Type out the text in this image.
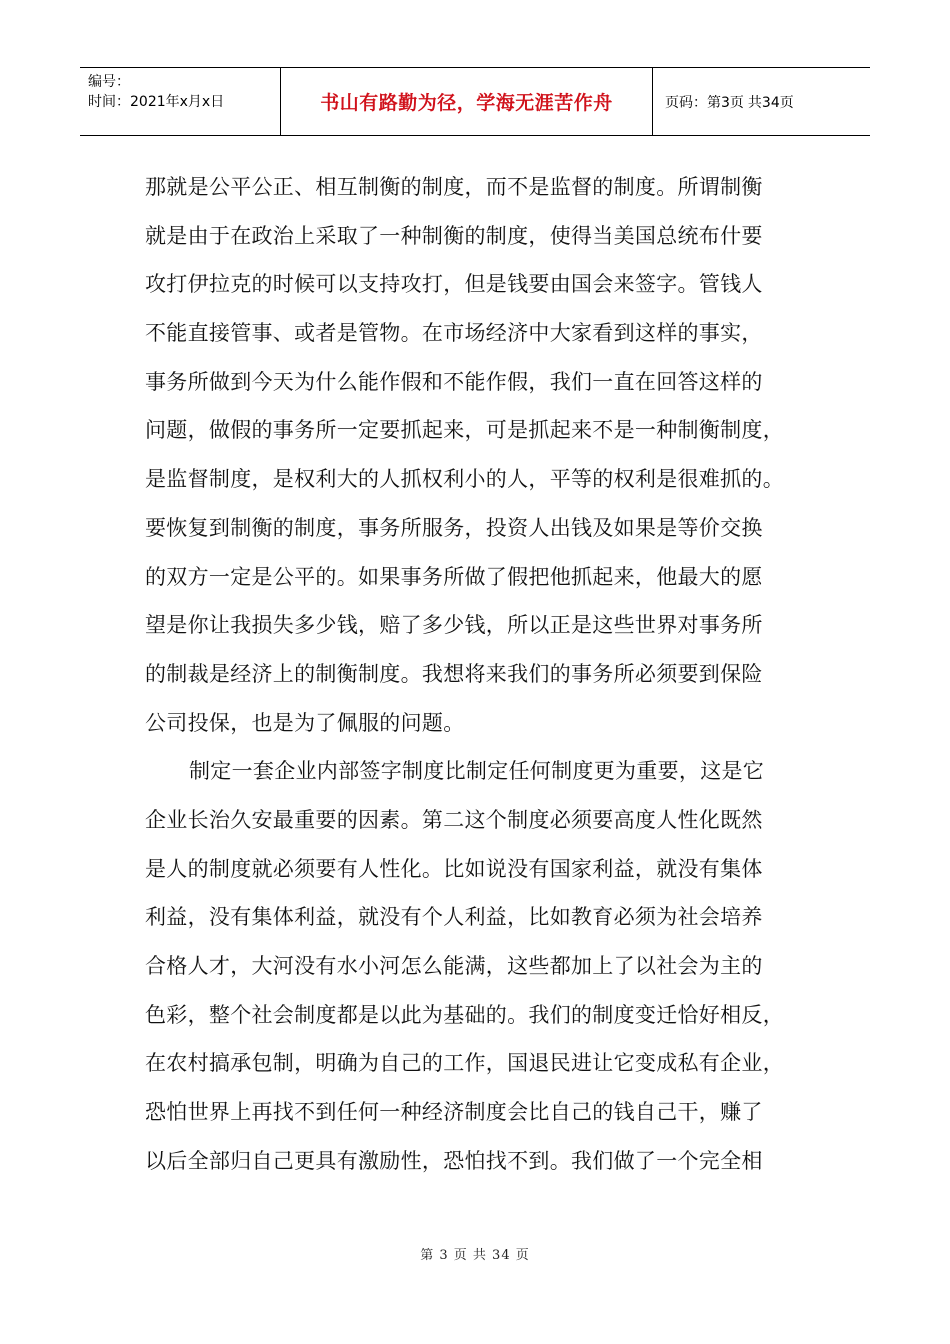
编号：
时间：2021年x月x日	书山有路勤为径，学海无涯苦作舟	页码：第3页 共34页
那就是公平公正、相互制衡的制度，而不是监督的制度。所谓制衡
就是由于在政治上采取了一种制衡的制度，使得当美国总统布什要
攻打伊拉克的时候可以支持攻打，但是钱要由国会来签字。管钱人
不能直接管事、或者是管物。在市场经济中大家看到这样的事实，
事务所做到今天为什么能作假和不能作假，我们一直在回答这样的
问题，做假的事务所一定要抓起来，可是抓起来不是一种制衡制度，
是监督制度，是权利大的人抓权利小的人，平等的权利是很难抓的。
要恢复到制衡的制度，事务所服务，投资人出钱及如果是等价交换
的双方一定是公平的。如果事务所做了假把他抓起来，他最大的愿
望是你让我损失多少钱，赔了多少钱，所以正是这些世界对事务所
的制裁是经济上的制衡制度。我想将来我们的事务所必须要到保险
公司投保，也是为了佩服的问题。
制定一套企业内部签字制度比制定任何制度更为重要，这是它
企业长治久安最重要的因素。第二这个制度必须要高度人性化既然
是人的制度就必须要有人性化。比如说没有国家利益，就没有集体
利益，没有集体利益，就没有个人利益，比如教育必须为社会培养
合格人才，大河没有水小河怎么能满，这些都加上了以社会为主的
色彩，整个社会制度都是以此为基础的。我们的制度变迁恰好相反，
在农村搞承包制，明确为自己的工作，国退民进让它变成私有企业，
恐怕世界上再找不到任何一种经济制度会比自己的钱自己干，赚了
以后全部归自己更具有激励性，恐怕找不到。我们做了一个完全相
第 3 页 共 34 页
